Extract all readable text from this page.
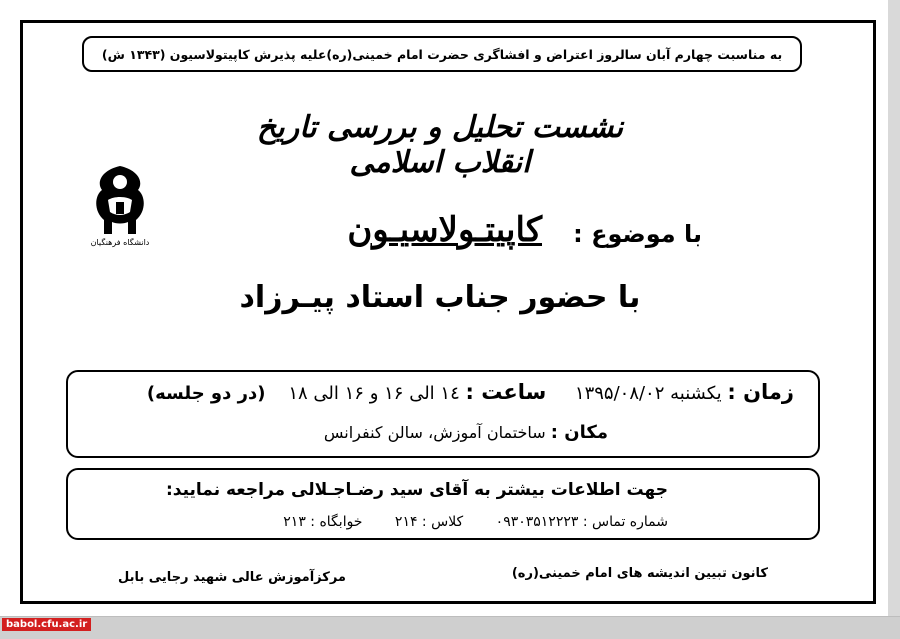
به مناسبت چهارم آبان سالروز اعتراض و افشاگری حضرت امام خمینی(ره)علیه پذیرش کاپیتولاسیون (۱۳۴۳ ش)
نشست تحلیل و بررسی تاریخ انقلاب اسلامی
دانشگاه فرهنگیان	با موضوع :
کاپیتـولاسیـون
با حضور جناب استاد پیـرزاد
زمان : یکشنبه ۱۳۹۵/۰۸/۰۲     ساعت : ۱٤ الی ۱۶ و ۱۶ الی ۱۸    (در دو جلسه)
مکان : ساختمان آموزش، سالن کنفرانس
جهت اطلاعات بیشتر به آقای سید رضـاجـلالی مراجعه نمایید:
شماره تماس : ۰۹۳۰۳۵۱۲۲۲۳ کلاس : ۲۱۴ خوابگاه : ۲۱۳
کانون تبیین اندیشه های امام خمینی(ره)
مرکزآموزش عالی شهید رجایی بابل
babol.cfu.ac.ir
